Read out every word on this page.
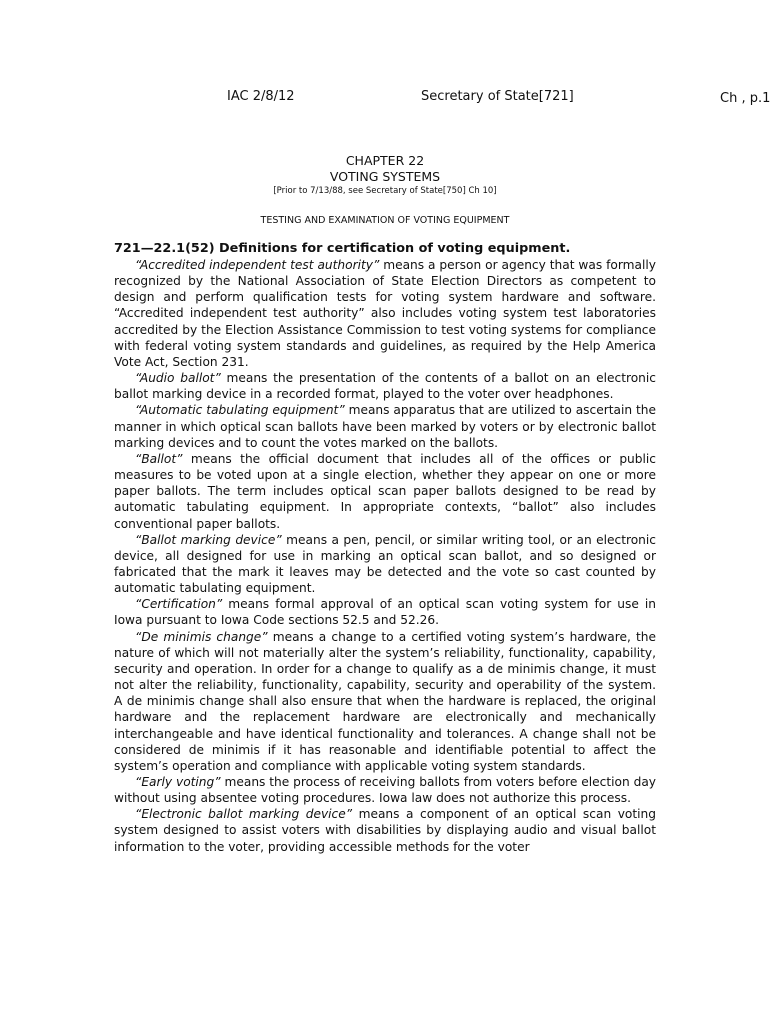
IAC 2/8/12	Secretary of State[721]	Ch , p.1
CHAPTER 22
VOTING SYSTEMS
[Prior to 7/13/88, see Secretary of State[750] Ch 10]
TESTING AND EXAMINATION OF VOTING EQUIPMENT

721—22.1(52) Definitions for certification of voting equipment.

“Accredited independent test authority” means a person or agency that was formally recognized by the National Association of State Election Directors as competent to design and perform qualification tests for voting system hardware and software. “Accredited independent test authority” also includes voting system test laboratories accredited by the Election Assistance Commission to test voting systems for compliance with federal voting system standards and guidelines, as required by the Help America Vote Act, Section 231.

“Audio ballot” means the presentation of the contents of a ballot on an electronic ballot marking device in a recorded format, played to the voter over headphones.

“Automatic tabulating equipment” means apparatus that are utilized to ascertain the manner in which optical scan ballots have been marked by voters or by electronic ballot marking devices and to count the votes marked on the ballots.

“Ballot” means the official document that includes all of the offices or public measures to be voted upon at a single election, whether they appear on one or more paper ballots. The term includes optical scan paper ballots designed to be read by automatic tabulating equipment. In appropriate contexts, “ballot” also includes conventional paper ballots.

“Ballot marking device” means a pen, pencil, or similar writing tool, or an electronic device, all designed for use in marking an optical scan ballot, and so designed or fabricated that the mark it leaves may be detected and the vote so cast counted by automatic tabulating equipment.

“Certification” means formal approval of an optical scan voting system for use in Iowa pursuant to Iowa Code sections 52.5 and 52.26.

“De minimis change” means a change to a certified voting system’s hardware, the nature of which will not materially alter the system’s reliability, functionality, capability, security and operation. In order for a change to qualify as a de minimis change, it must not alter the reliability, functionality, capability, security and operability of the system. A de minimis change shall also ensure that when the hardware is replaced, the original hardware and the replacement hardware are electronically and mechanically interchangeable and have identical functionality and tolerances. A change shall not be considered de minimis if it has reasonable and identifiable potential to affect the system’s operation and compliance with applicable voting system standards.

“Early voting” means the process of receiving ballots from voters before election day without using absentee voting procedures. Iowa law does not authorize this process.

“Electronic ballot marking device” means a component of an optical scan voting system designed to assist voters with disabilities by displaying audio and visual ballot information to the voter, providing accessible methods for the voter
